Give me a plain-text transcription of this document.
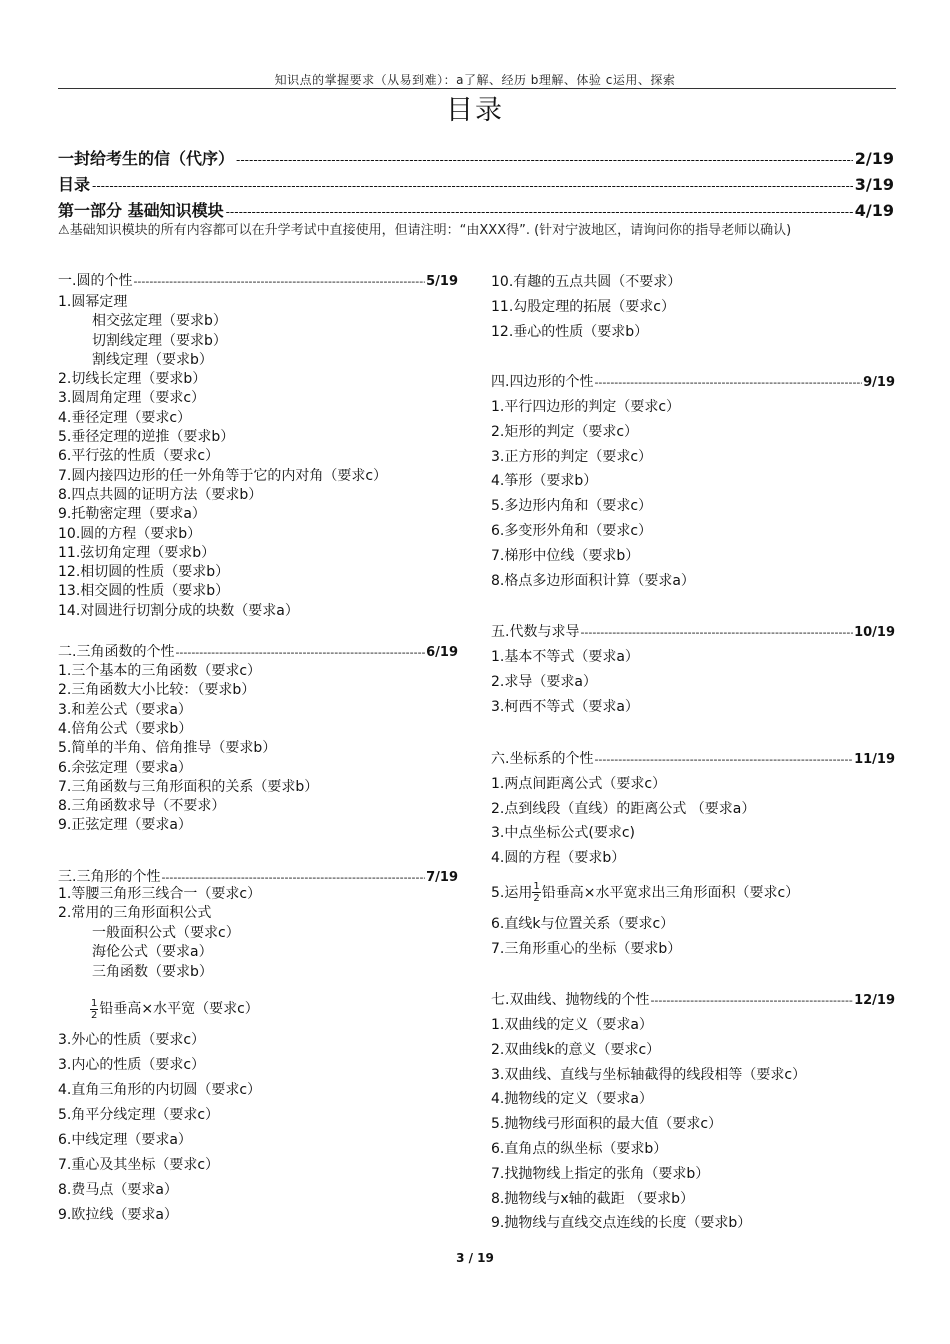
知识点的掌握要求（从易到难）：a了解、经历 b理解、体验 c运用、探索
目录
一封给考生的信（代序） -----	2/19
目录 -----	3/19
第一部分 基础知识模块 -----	4/19
⚠基础知识模块的所有内容都可以在升学考试中直接使用，但请注明：“由XXX得”. (针对宁波地区，请询问你的指导老师以确认)
一.圆的个性 -----	5/19
1.圆幂定理
相交弦定理（要求b）
切割线定理（要求b）
割线定理（要求b）
2.切线长定理（要求b）
3.圆周角定理（要求c）
4.垂径定理（要求c）
5.垂径定理的逆推（要求b）
6.平行弦的性质（要求c）
7.圆内接四边形的任一外角等于它的内对角（要求c）
8.四点共圆的证明方法（要求b）
9.托勒密定理（要求a）
10.圆的方程（要求b）
11.弦切角定理（要求b）
12.相切圆的性质（要求b）
13.相交圆的性质（要求b）
14.对圆进行切割分成的块数（要求a）
二.三角函数的个性 -----	6/19
1.三个基本的三角函数（要求c）
2.三角函数大小比较：（要求b）
3.和差公式（要求a）
4.倍角公式（要求b）
5.简单的半角、倍角推导（要求b）
6.余弦定理（要求a）
7.三角函数与三角形面积的关系（要求b）
8.三角函数求导（不要求）
9.正弦定理（要求a）
三.三角形的个性 -----	7/19
1.等腰三角形三线合一（要求c）
2.常用的三角形面积公式
一般面积公式（要求c）
海伦公式（要求a）
三角函数（要求b）
$\frac{1}{2}$ 铅垂高×水平宽（要求c）
3.外心的性质（要求c）
3.内心的性质（要求c）
4.直角三角形的内切圆（要求c）
5.角平分线定理（要求c）
6.中线定理（要求a）
7.重心及其坐标（要求c）
8.费马点（要求a）
9.欧拉线（要求a）
10.有趣的五点共圆（不要求）
11.勾股定理的拓展（要求c）
12.垂心的性质（要求b）
四.四边形的个性 -----	9/19
1.平行四边形的判定（要求c）
2.矩形的判定（要求c）
3.正方形的判定（要求c）
4.筝形（要求b）
5.多边形内角和（要求c）
6.多变形外角和（要求c）
7.梯形中位线（要求b）
8.格点多边形面积计算（要求a）
五.代数与求导 -----	10/19
1.基本不等式（要求a）
2.求导（要求a）
3.柯西不等式（要求a）
六.坐标系的个性 -----	11/19
1.两点间距离公式（要求c）
2.点到线段（直线）的距离公式 （要求a）
3.中点坐标公式(要求c)
4.圆的方程（要求b）
5.运用 $\frac{1}{2}$ 铅垂高×水平宽求出三角形面积（要求c）
6.直线k与位置关系（要求c）
7.三角形重心的坐标（要求b）
七.双曲线、抛物线的个性 -----	12/19
1.双曲线的定义（要求a）
2.双曲线k的意义（要求c）
3.双曲线、直线与坐标轴截得的线段相等（要求c）
4.抛物线的定义（要求a）
5.抛物线弓形面积的最大值（要求c）
6.直角点的纵坐标（要求b）
7.找抛物线上指定的张角（要求b）
8.抛物线与x轴的截距 （要求b）
9.抛物线与直线交点连线的长度（要求b）
3 / 19
